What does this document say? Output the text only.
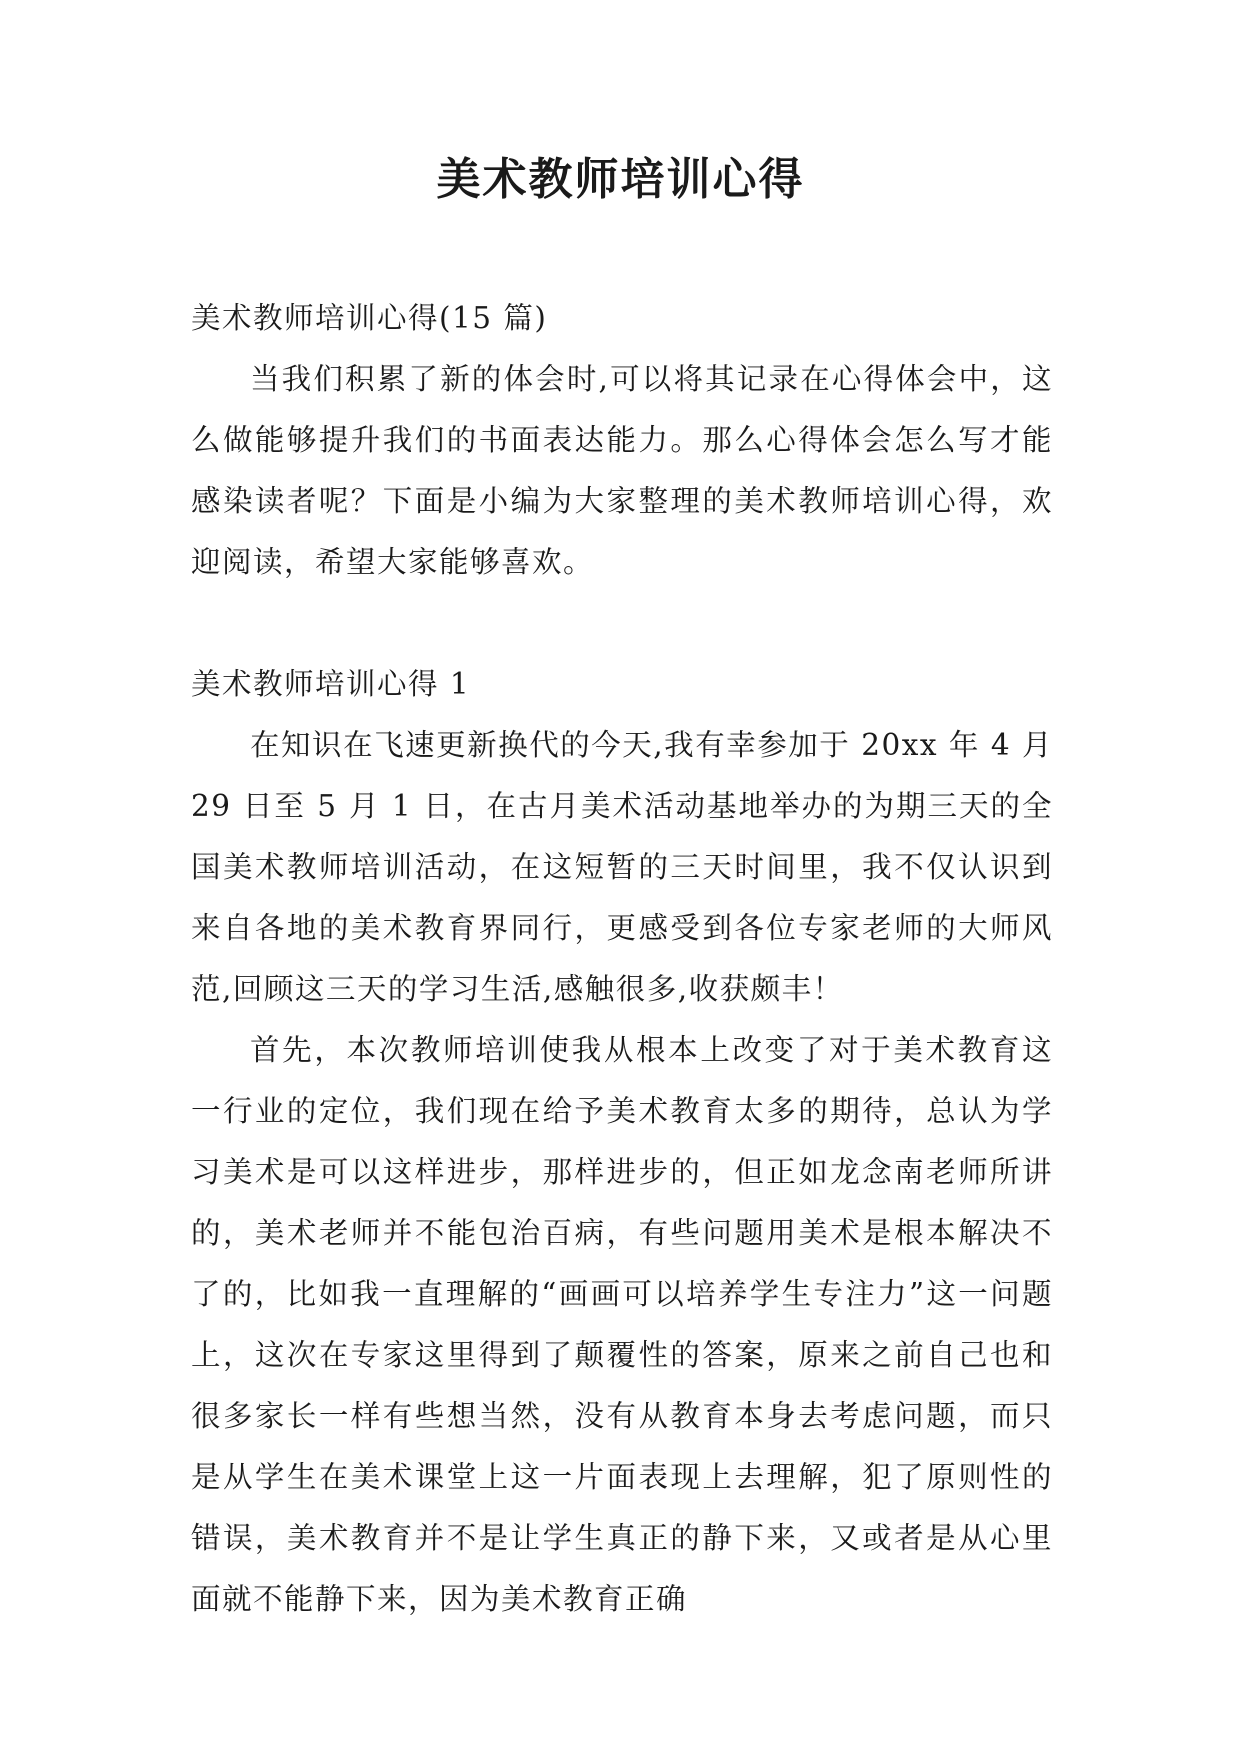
美术教师培训心得

美术教师培训心得(15 篇)

当我们积累了新的体会时,可以将其记录在心得体会中，这么做能够提升我们的书面表达能力。那么心得体会怎么写才能感染读者呢？下面是小编为大家整理的美术教师培训心得，欢迎阅读，希望大家能够喜欢。

美术教师培训心得 1

在知识在飞速更新换代的今天,我有幸参加于 20xx 年 4 月 29 日至 5 月 1 日，在古月美术活动基地举办的为期三天的全国美术教师培训活动，在这短暂的三天时间里，我不仅认识到来自各地的美术教育界同行，更感受到各位专家老师的大师风范,回顾这三天的学习生活,感触很多,收获颇丰！

首先，本次教师培训使我从根本上改变了对于美术教育这一行业的定位，我们现在给予美术教育太多的期待，总认为学习美术是可以这样进步，那样进步的，但正如龙念南老师所讲的，美术老师并不能包治百病，有些问题用美术是根本解决不了的，比如我一直理解的“画画可以培养学生专注力”这一问题上，这次在专家这里得到了颠覆性的答案，原来之前自己也和很多家长一样有些想当然，没有从教育本身去考虑问题，而只是从学生在美术课堂上这一片面表现上去理解，犯了原则性的错误，美术教育并不是让学生真正的静下来，又或者是从心里面就不能静下来，因为美术教育正确
